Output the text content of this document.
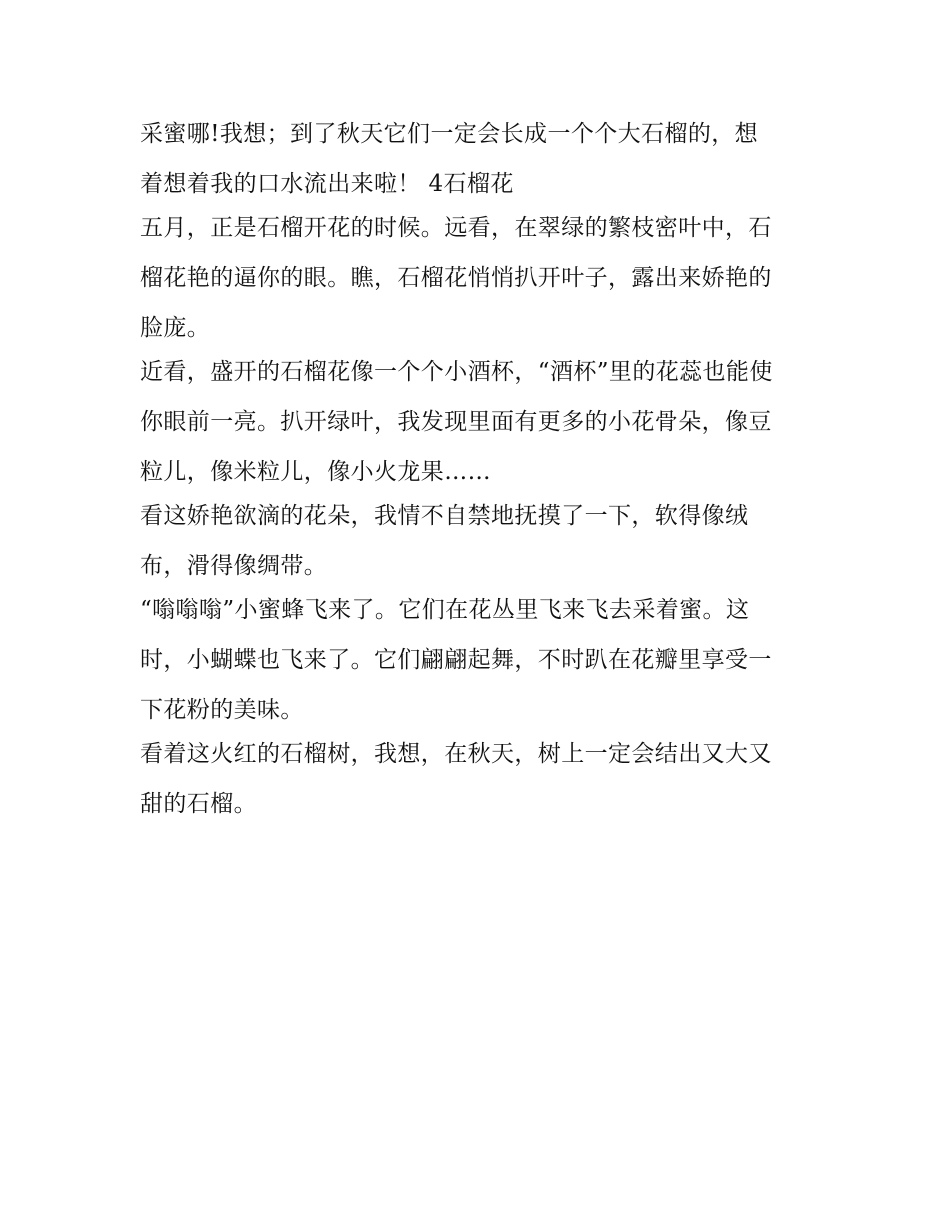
采蜜哪!我想；到了秋天它们一定会长成一个个大石榴的，想
着想着我的口水流出来啦！ 4石榴花

五月，正是石榴开花的时候。远看，在翠绿的繁枝密叶中，石
榴花艳的逼你的眼。瞧，石榴花悄悄扒开叶子，露出来娇艳的
脸庞。

近看，盛开的石榴花像一个个小酒杯，“酒杯”里的花蕊也能使
你眼前一亮。扒开绿叶，我发现里面有更多的小花骨朵，像豆
粒儿，像米粒儿，像小火龙果……

看这娇艳欲滴的花朵，我情不自禁地抚摸了一下，软得像绒
布，滑得像绸带。

“嗡嗡嗡”小蜜蜂飞来了。它们在花丛里飞来飞去采着蜜。这
时，小蝴蝶也飞来了。它们翩翩起舞，不时趴在花瓣里享受一
下花粉的美味。

看着这火红的石榴树，我想，在秋天，树上一定会结出又大又
甜的石榴。
